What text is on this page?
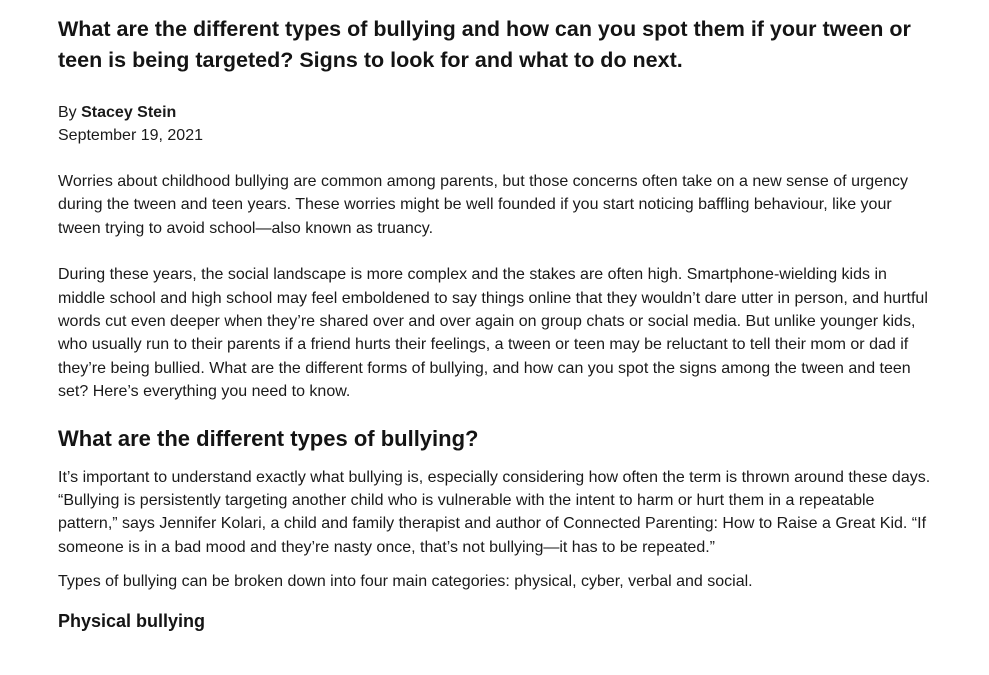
What are the different types of bullying and how can you spot them if your tween or teen is being targeted? Signs to look for and what to do next.
By Stacey Stein
September 19, 2021

Worries about childhood bullying are common among parents, but those concerns often take on a new sense of urgency during the tween and teen years. These worries might be well founded if you start noticing baffling behaviour, like your tween trying to avoid school—also known as truancy.

During these years, the social landscape is more complex and the stakes are often high. Smartphone-wielding kids in middle school and high school may feel emboldened to say things online that they wouldn’t dare utter in person, and hurtful words cut even deeper when they’re shared over and over again on group chats or social media. But unlike younger kids, who usually run to their parents if a friend hurts their feelings, a tween or teen may be reluctant to tell their mom or dad if they’re being bullied. What are the different forms of bullying, and how can you spot the signs among the tween and teen set? Here’s everything you need to know.

What are the different types of bullying?

It’s important to understand exactly what bullying is, especially considering how often the term is thrown around these days. “Bullying is persistently targeting another child who is vulnerable with the intent to harm or hurt them in a repeatable pattern,” says Jennifer Kolari, a child and family therapist and author of Connected Parenting: How to Raise a Great Kid. “If someone is in a bad mood and they’re nasty once, that’s not bullying—it has to be repeated.”

Types of bullying can be broken down into four main categories: physical, cyber, verbal and social.

Physical bullying
